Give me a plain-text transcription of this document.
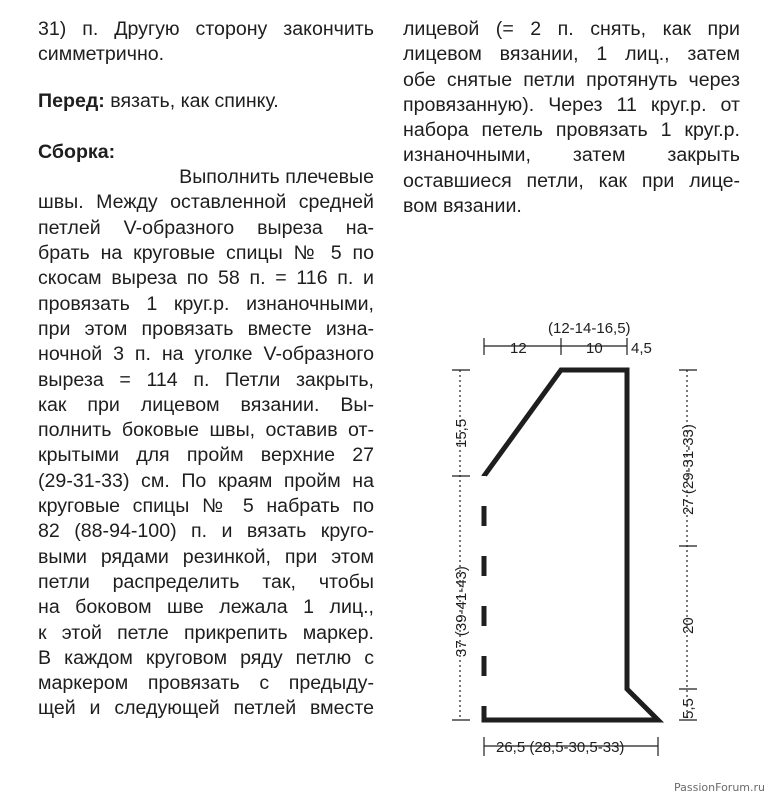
31) п. Другую сторону закончить
симметрично.
Перед: вязать, как спинку.
Сборка:
Выполнить плечевые
швы. Между оставленной средней
петлей V-образного выреза на-
брать на круговые спицы № 5 по
скосам выреза по 58 п. = 116 п. и
провязать 1 круг.р. изнаночными,
при этом провязать вместе изна-
ночной 3 п. на уголке V-образного
выреза = 114 п. Петли закрыть,
как при лицевом вязании. Вы-
полнить боковые швы, оставив от-
крытыми для пройм верхние 27
(29-31-33) см. По краям пройм на
круговые спицы № 5 набрать по
82 (88-94-100) п. и вязать круго-
выми рядами резинкой, при этом
петли распределить так, чтобы
на боковом шве лежала 1 лиц.,
к этой петле прикрепить маркер.
В каждом круговом ряду петлю с
маркером провязать с предыду-
щей и следующей петлей вместе
лицевой (= 2 п. снять, как при
лицевом вязании, 1 лиц., затем
обе снятые петли протянуть через
провязанную). Через 11 круг.р. от
набора петель провязать 1 круг.р.
изнаночными, затем закрыть
оставшиеся петли, как при лице-
вом вязании.
(12-14-16,5)
12	10 4,5
15,5
37 (39-41-43)
27 (29-31-33)
20
5,5
26,5 (28,5-30,5-33)
PassionForum.ru
